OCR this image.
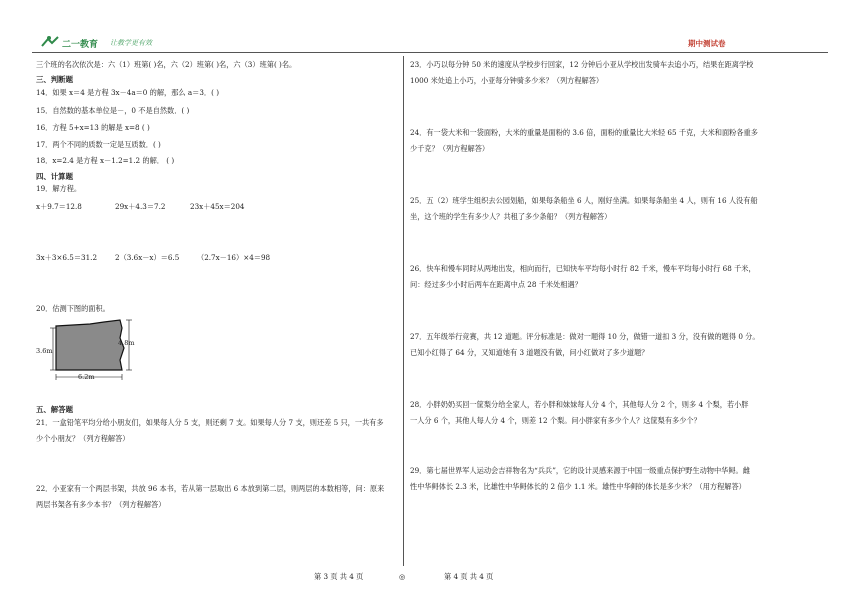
二一教育 让教学更有效	期中测试卷
三个班的名次依次是：六（1）班第( )名，六（2）班第( )名，六（3）班第( )名。
三、判断题
14．如果 x＝4 是方程 3x－4a＝0 的解，那么 a＝3．( )
15．自然数的基本单位是－，0 不是自然数．( )
16．方程 5+x=13 的解是 x=8 ( )
17．两个不同的质数一定是互质数．( )
18．x=2.4 是方程 x－1.2=1.2 的解． ( )
四、计算题
19．解方程。
x＋9.7＝12.8	29x＋4.3＝7.2	23x＋45x＝204
3x＋3×6.5＝31.2 2（3.6x－x）＝6.5 （2.7x－16）×4＝98
20．估测下图的面积。
3.6m
4.8m
6.2m
五、解答题
21．一盒铅笔平均分给小朋友们，如果每人分 5 支，则还剩 7 支。如果每人分 7 支，则还差 5 只，一共有多
少个小朋友？（列方程解答）
22．小亚家有一个两层书架，共放 96 本书，若从第一层取出 6 本放到第二层，则两层的本数相等，问：原来
两层书架各有多少本书？（列方程解答）
23．小巧以每分钟 50 米的速度从学校步行回家，12 分钟后小亚从学校出发骑车去追小巧，结果在距离学校
1000 米处追上小巧，小亚每分钟骑多少米？（列方程解答）
24．有一袋大米和一袋面粉，大米的重量是面粉的 3.6 倍，面粉的重量比大米轻 65 千克，大米和面粉各重多
少千克？（列方程解答）
25．五（2）班学生组织去公园划船，如果每条船坐 6 人，刚好坐满。如果每条船坐 4 人，则有 16 人没有船
坐，这个班的学生有多少人？共租了多少条船？（列方程解答）
26．快车和慢车同时从两地出发，相向而行，已知快车平均每小时行 82 千米，慢车平均每小时行 68 千米，
问：经过多少小时后两车在距离中点 28 千米处相遇？
27．五年级举行竞赛，共 12 道题。评分标准是：做对一题得 10 分，做错一道扣 3 分，没有做的题得 0 分。
已知小红得了 64 分，又知道她有 3 道题没有做，问小红做对了多少道题？
28．小胖奶奶买回一筐梨分给全家人，若小胖和妹妹每人分 4 个，其他每人分 2 个，则多 4 个梨，若小胖
一人分 6 个，其他人每人分 4 个，则差 12 个梨。问小胖家有多少个人？这筐梨有多少个？
29．第七届世界军人运动会吉祥物名为“兵兵”，它的设计灵感来源于中国一级重点保护野生动物中华鲟。雌
性中华鲟体长 2.3 米，比雄性中华鲟体长的 2 倍少 1.1 米。雄性中华鲟的体长是多少米？（用方程解答）
第 3 页 共 4 页	◎	第 4 页 共 4 页
